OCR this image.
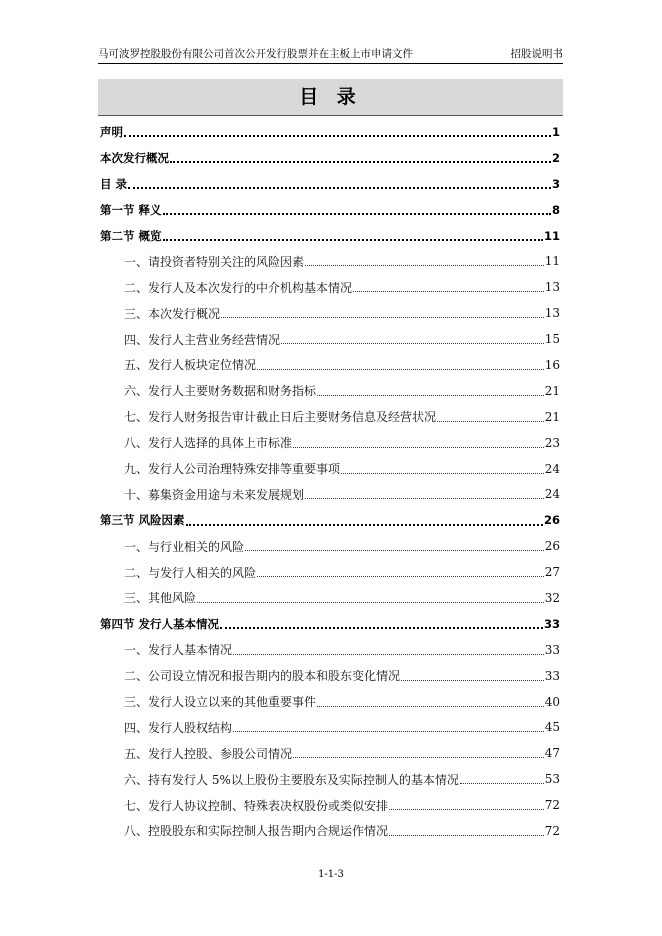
马可波罗控股股份有限公司首次公开发行股票并在主板上市申请文件	招股说明书
目 录
声明	1
本次发行概况	2
目 录	3
第一节 释义	8
第二节 概览	11
一、请投资者特别关注的风险因素	11
二、发行人及本次发行的中介机构基本情况	13
三、本次发行概况	13
四、发行人主营业务经营情况	15
五、发行人板块定位情况	16
六、发行人主要财务数据和财务指标	21
七、发行人财务报告审计截止日后主要财务信息及经营状况	21
八、发行人选择的具体上市标准	23
九、发行人公司治理特殊安排等重要事项	24
十、募集资金用途与未来发展规划	24
第三节 风险因素	26
一、与行业相关的风险	26
二、与发行人相关的风险	27
三、其他风险	32
第四节 发行人基本情况	33
一、发行人基本情况	33
二、公司设立情况和报告期内的股本和股东变化情况	33
三、发行人设立以来的其他重要事件	40
四、发行人股权结构	45
五、发行人控股、参股公司情况	47
六、持有发行人 5%以上股份主要股东及实际控制人的基本情况	53
七、发行人协议控制、特殊表决权股份或类似安排	72
八、控股股东和实际控制人报告期内合规运作情况	72
1-1-3
